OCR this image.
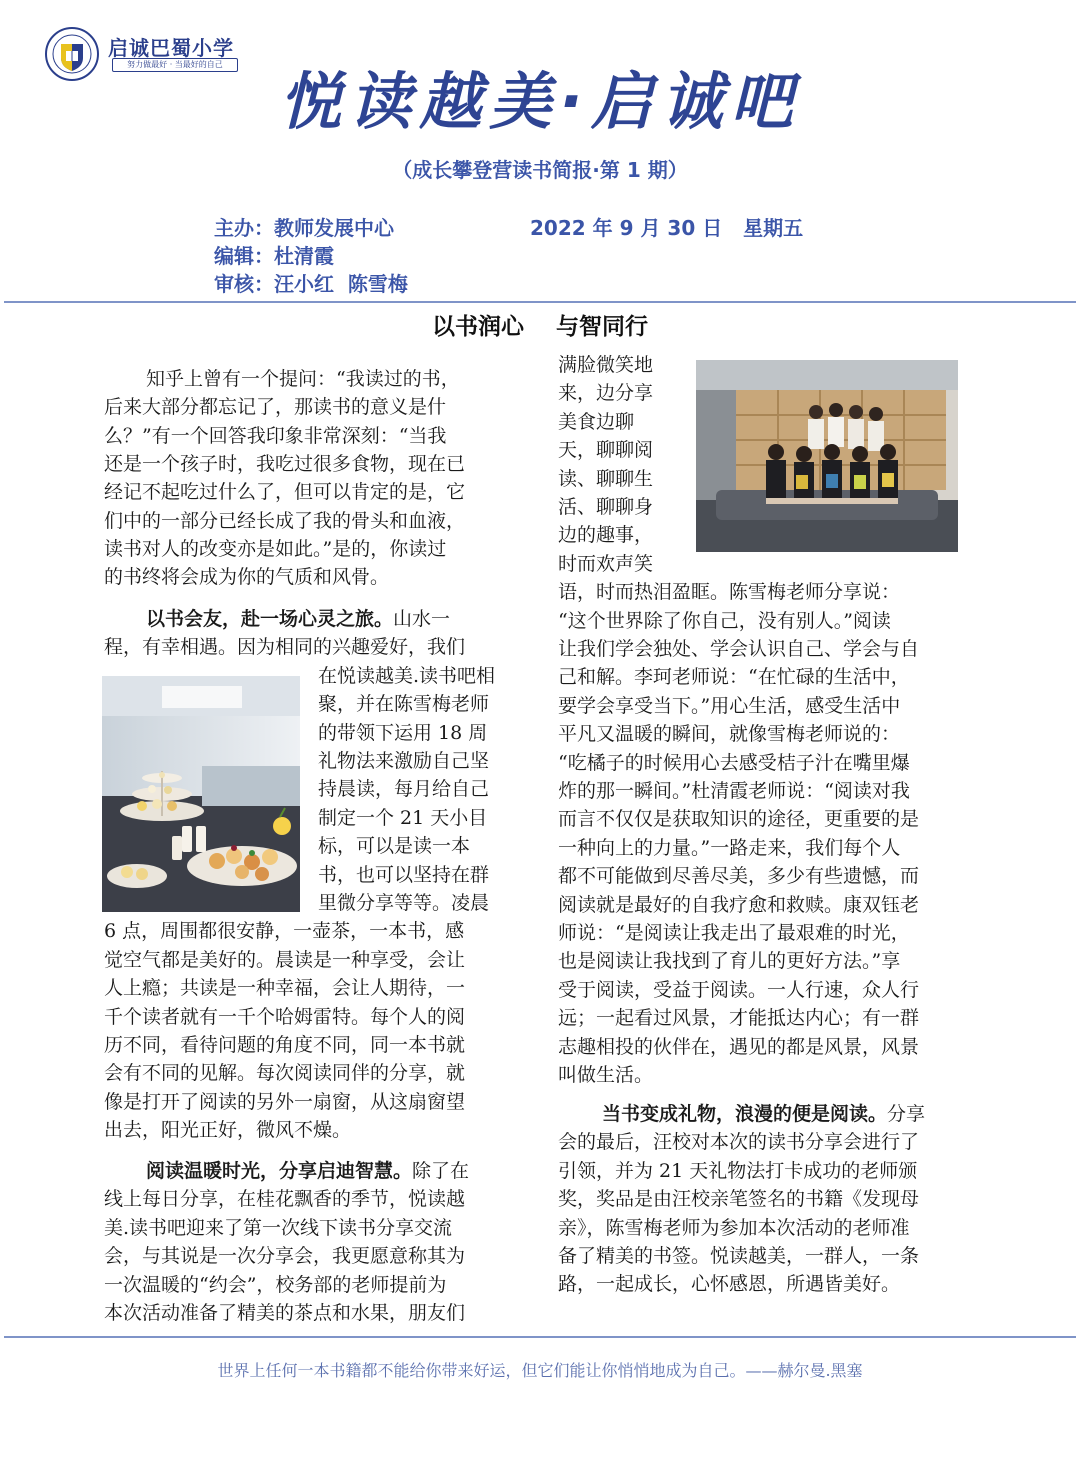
启诚巴蜀小学
努力做最好 · 当最好的自己
悦读越美·启诚吧
（成长攀登营读书简报·第 1 期）
主办：教师发展中心	2022 年 9 月 30 日   星期五
编辑：杜清霞
审核：汪小红  陈雪梅
以书润心    与智同行
知乎上曾有一个提问：“我读过的书，
后来大部分都忘记了，那读书的意义是什
么？”有一个回答我印象非常深刻：“当我
还是一个孩子时，我吃过很多食物，现在已
经记不起吃过什么了，但可以肯定的是，它
们中的一部分已经长成了我的骨头和血液，
读书对人的改变亦是如此。”是的，你读过
的书终将会成为你的气质和风骨。
以书会友，赴一场心灵之旅。山水一
程，有幸相遇。因为相同的兴趣爱好，我们
在悦读越美.读书吧相
聚，并在陈雪梅老师
的带领下运用 18 周
礼物法来激励自己坚
持晨读，每月给自己
制定一个 21 天小目
标，可以是读一本
书，也可以坚持在群
里微分享等等。凌晨
6 点，周围都很安静，一壶茶，一本书，感
觉空气都是美好的。晨读是一种享受，会让
人上瘾；共读是一种幸福，会让人期待，一
千个读者就有一千个哈姆雷特。每个人的阅
历不同，看待问题的角度不同，同一本书就
会有不同的见解。每次阅读同伴的分享，就
像是打开了阅读的另外一扇窗，从这扇窗望
出去，阳光正好，微风不燥。
阅读温暖时光，分享启迪智慧。除了在
线上每日分享，在桂花飘香的季节，悦读越
美.读书吧迎来了第一次线下读书分享交流
会，与其说是一次分享会，我更愿意称其为
一次温暖的“约会”，校务部的老师提前为
本次活动准备了精美的茶点和水果，朋友们
满脸微笑地
来，边分享
美食边聊
天，聊聊阅
读、聊聊生
活、聊聊身
边的趣事，
时而欢声笑
语，时而热泪盈眶。陈雪梅老师分享说：
“这个世界除了你自己，没有别人。”阅读
让我们学会独处、学会认识自己、学会与自
己和解。李珂老师说：“在忙碌的生活中，
要学会享受当下。”用心生活，感受生活中
平凡又温暖的瞬间，就像雪梅老师说的：
“吃橘子的时候用心去感受桔子汁在嘴里爆
炸的那一瞬间。”杜清霞老师说：“阅读对我
而言不仅仅是获取知识的途径，更重要的是
一种向上的力量。”一路走来，我们每个人
都不可能做到尽善尽美，多少有些遗憾，而
阅读就是最好的自我疗愈和救赎。康双钰老
师说：“是阅读让我走出了最艰难的时光，
也是阅读让我找到了育儿的更好方法。”享
受于阅读，受益于阅读。一人行速，众人行
远；一起看过风景，才能抵达内心；有一群
志趣相投的伙伴在，遇见的都是风景，风景
叫做生活。
当书变成礼物，浪漫的便是阅读。分享
会的最后，汪校对本次的读书分享会进行了
引领，并为 21 天礼物法打卡成功的老师颁
奖，奖品是由汪校亲笔签名的书籍《发现母
亲》，陈雪梅老师为参加本次活动的老师准
备了精美的书签。悦读越美，一群人，一条
路，一起成长，心怀感恩，所遇皆美好。
世界上任何一本书籍都不能给你带来好运，但它们能让你悄悄地成为自己。——赫尔曼.黑塞
